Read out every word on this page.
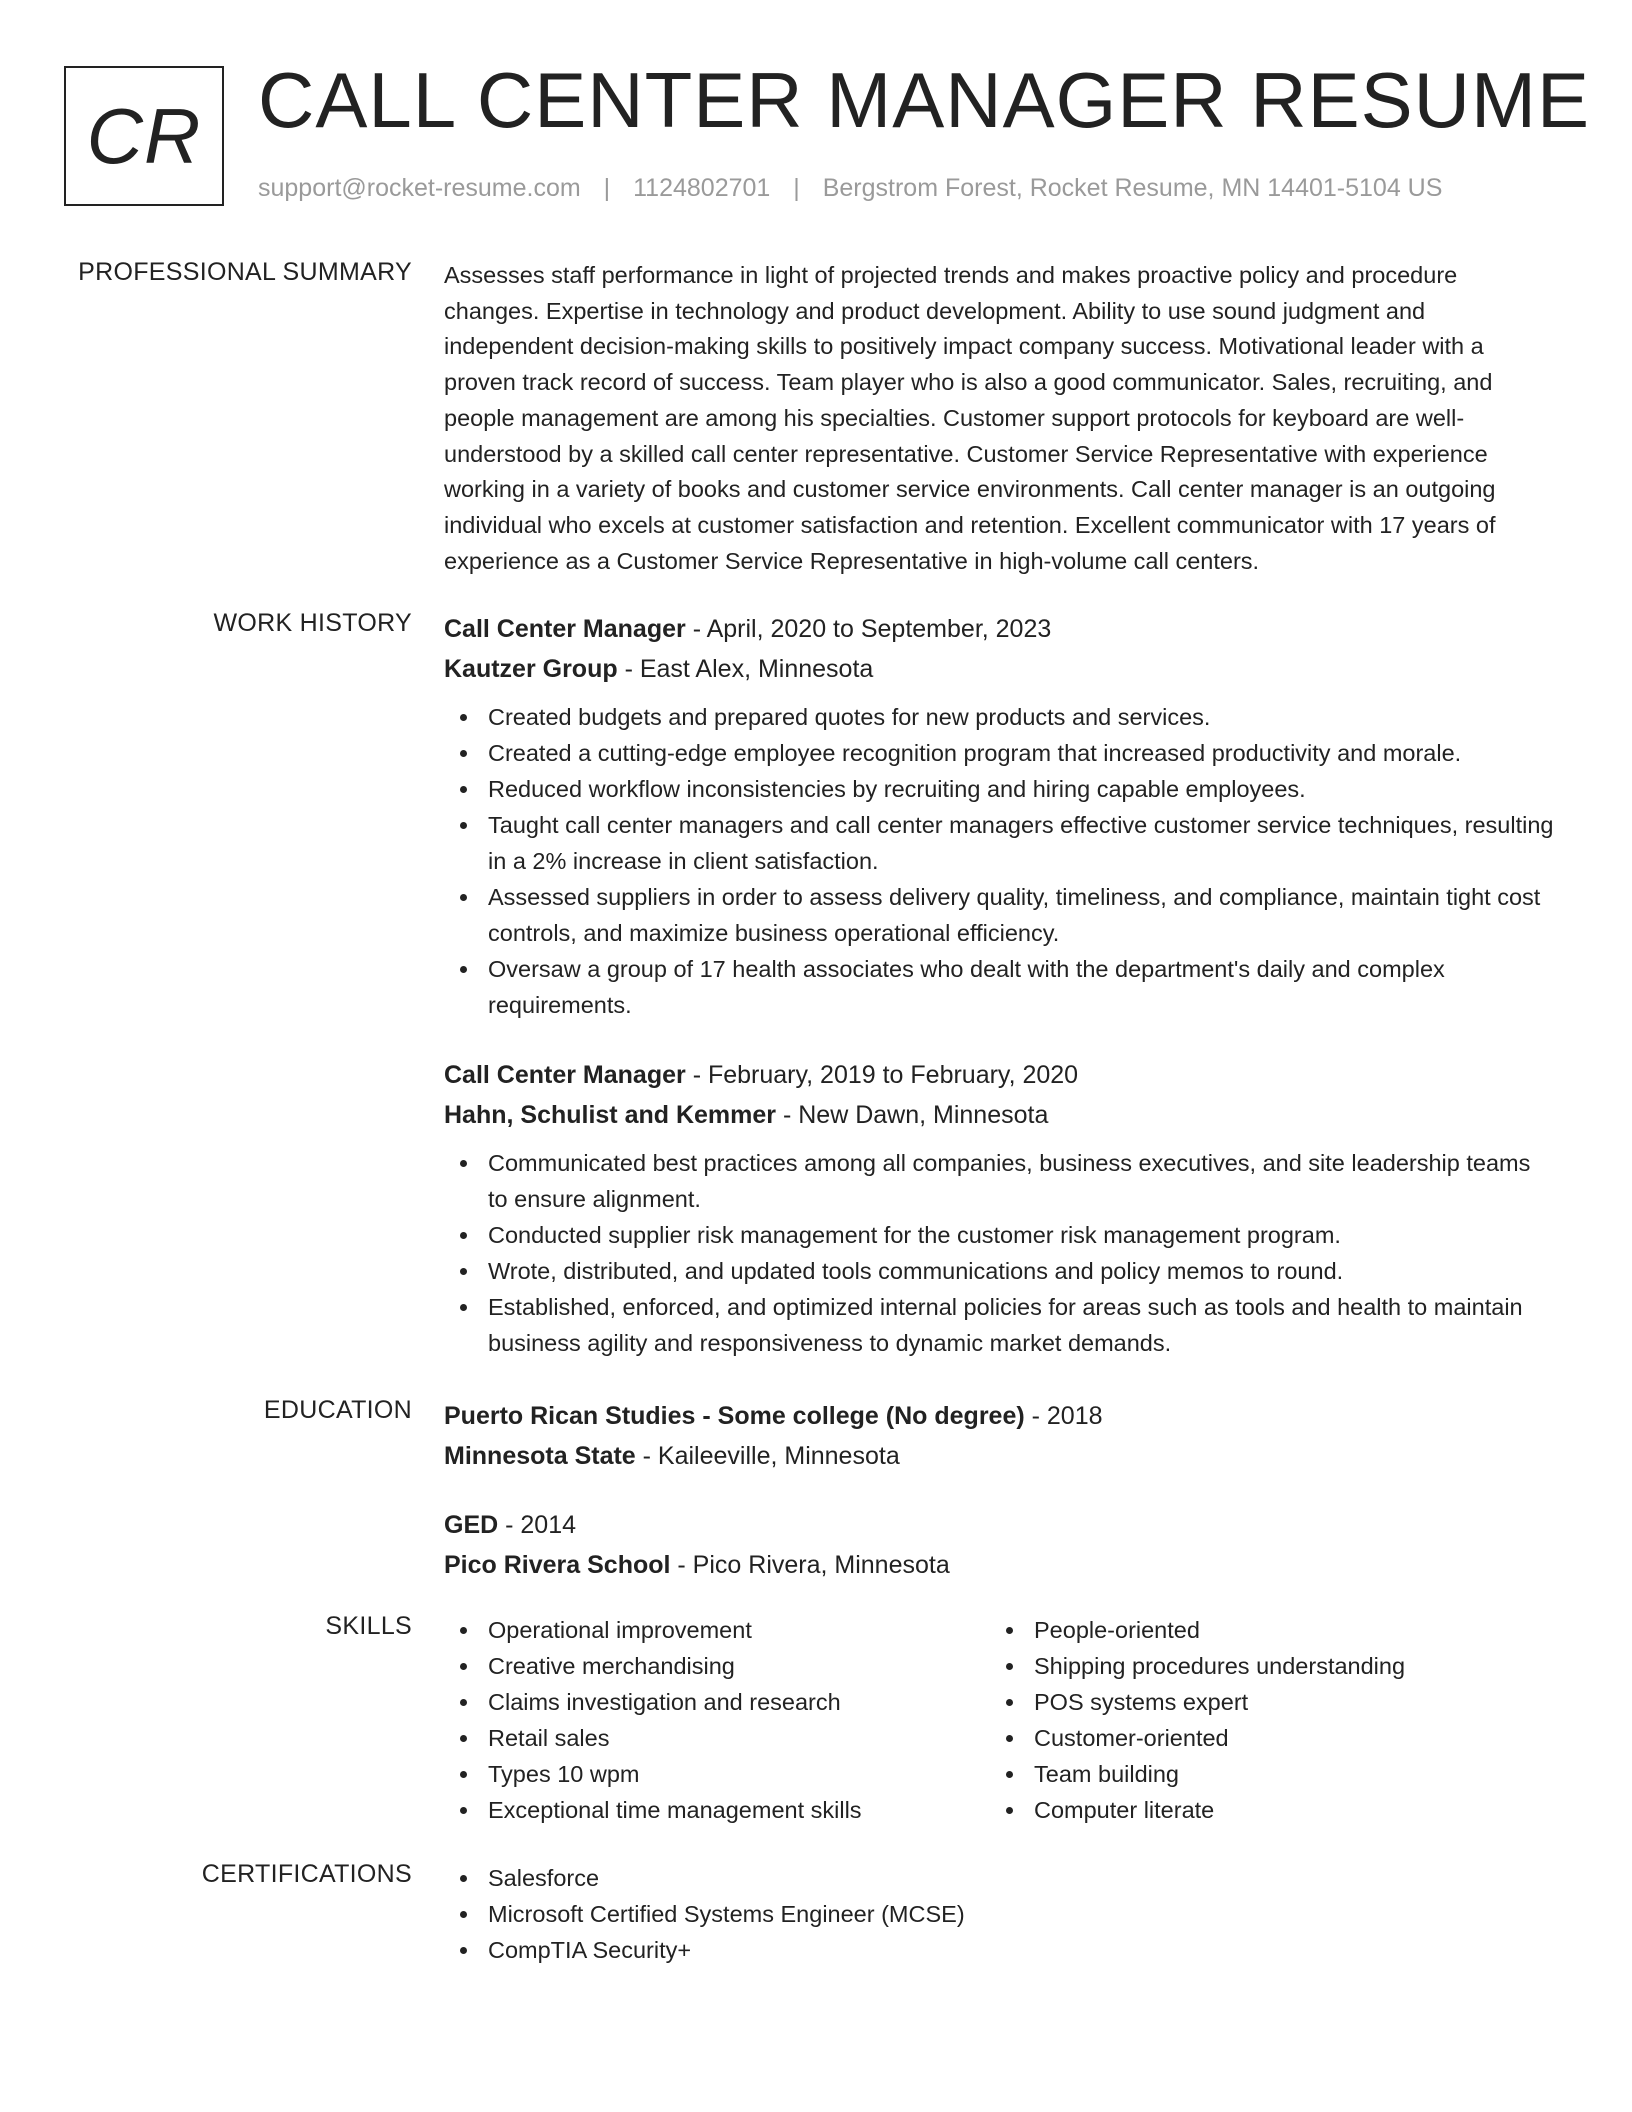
CR CALL CENTER MANAGER RESUME
support@rocket-resume.com | 1124802701 | Bergstrom Forest, Rocket Resume, MN 14401-5104 US
PROFESSIONAL SUMMARY Assesses staff performance in light of projected trends and makes proactive policy and procedure changes. Expertise in technology and product development. Ability to use sound judgment and independent decision-making skills to positively impact company success. Motivational leader with a proven track record of success. Team player who is also a good communicator. Sales, recruiting, and people management are among his specialties. Customer support protocols for keyboard are well-understood by a skilled call center representative. Customer Service Representative with experience working in a variety of books and customer service environments. Call center manager is an outgoing individual who excels at customer satisfaction and retention. Excellent communicator with 17 years of experience as a Customer Service Representative in high-volume call centers.
WORK HISTORY Call Center Manager - April, 2020 to September, 2023
Kautzer Group - East Alex, Minnesota
Created budgets and prepared quotes for new products and services.
Created a cutting-edge employee recognition program that increased productivity and morale.
Reduced workflow inconsistencies by recruiting and hiring capable employees.
Taught call center managers and call center managers effective customer service techniques, resulting in a 2% increase in client satisfaction.
Assessed suppliers in order to assess delivery quality, timeliness, and compliance, maintain tight cost controls, and maximize business operational efficiency.
Oversaw a group of 17 health associates who dealt with the department's daily and complex requirements.
Call Center Manager - February, 2019 to February, 2020
Hahn, Schulist and Kemmer - New Dawn, Minnesota
Communicated best practices among all companies, business executives, and site leadership teams to ensure alignment.
Conducted supplier risk management for the customer risk management program.
Wrote, distributed, and updated tools communications and policy memos to round.
Established, enforced, and optimized internal policies for areas such as tools and health to maintain business agility and responsiveness to dynamic market demands.
EDUCATION Puerto Rican Studies - Some college (No degree) - 2018
Minnesota State - Kaileeville, Minnesota
GED - 2014
Pico Rivera School - Pico Rivera, Minnesota
SKILLS	Operational improvement
Creative merchandising
Claims investigation and research
Retail sales
Types 10 wpm
Exceptional time management skills
People-oriented
Shipping procedures understanding
POS systems expert
Customer-oriented
Team building
Computer literate
CERTIFICATIONS	Salesforce
Microsoft Certified Systems Engineer (MCSE)
CompTIA Security+
